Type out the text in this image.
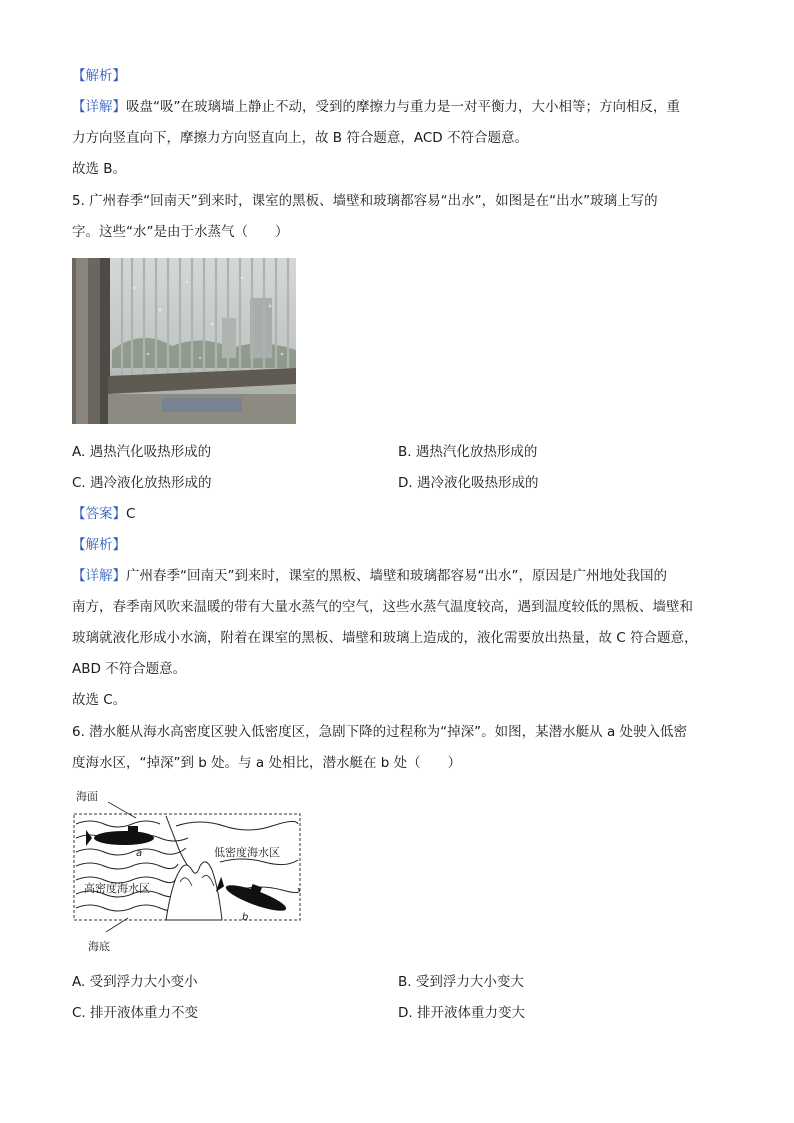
【解析】
【详解】吸盘“吸”在玻璃墙上静止不动，受到的摩擦力与重力是一对平衡力，大小相等；方向相反，重
力方向竖直向下，摩擦力方向竖直向上，故 B 符合题意，ACD 不符合题意。
故选 B。
5. 广州春季“回南天”到来时，课室的黑板、墙壁和玻璃都容易“出水”，如图是在“出水”玻璃上写的
字。这些“水”是由于水蒸气（　　）
A. 遇热汽化吸热形成的	B. 遇热汽化放热形成的
C. 遇冷液化放热形成的	D. 遇冷液化吸热形成的
【答案】C
【解析】
【详解】广州春季“回南天”到来时，课室的黑板、墙壁和玻璃都容易“出水”，原因是广州地处我国的
南方，春季南风吹来温暖的带有大量水蒸气的空气，这些水蒸气温度较高，遇到温度较低的黑板、墙壁和
玻璃就液化形成小水滴，附着在课室的黑板、墙壁和玻璃上造成的，液化需要放出热量，故 C 符合题意，
ABD 不符合题意。
故选 C。
6. 潜水艇从海水高密度区驶入低密度区，急剧下降的过程称为“掉深”。如图，某潜水艇从 a 处驶入低密
度海水区，“掉深”到 b 处。与 a 处相比，潜水艇在 b 处（　　）
海面
海底
低密度海水区
高密度海水区
a
b
A. 受到浮力大小变小	B. 受到浮力大小变大
C. 排开液体重力不变	D. 排开液体重力变大
